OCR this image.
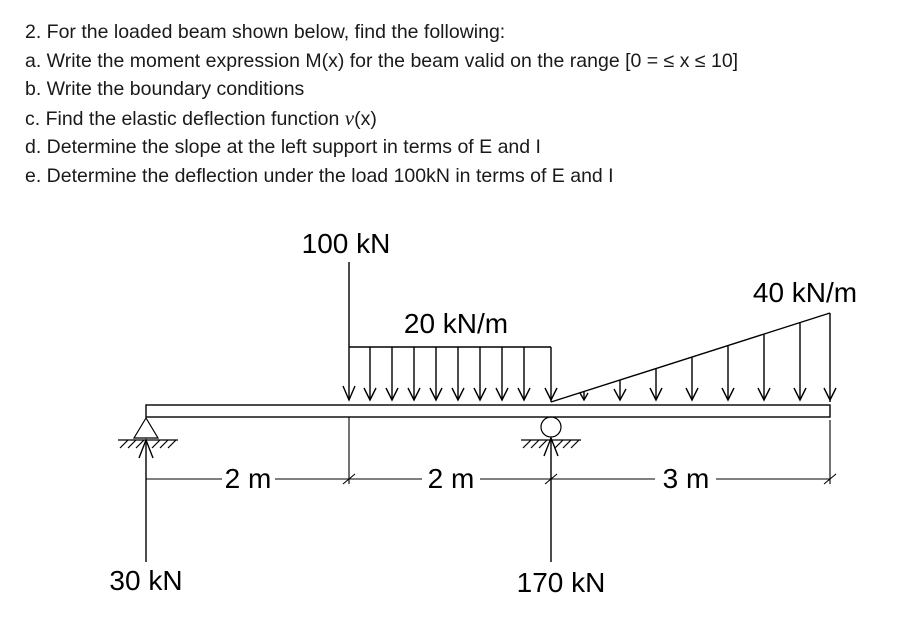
2. For the loaded beam shown below, find the following:

a. Write the moment expression M(x) for the beam valid on the range [0 = ≤ x ≤ 10]

b. Write the boundary conditions

c. Find the elastic deflection function v(x)

d. Determine the slope at the left support in terms of E and I

e. Determine the deflection under the load 100kN in terms of E and I

100 kN
20 kN/m
40 kN/m
30 kN	170 kN
2 m	2 m	3 m
